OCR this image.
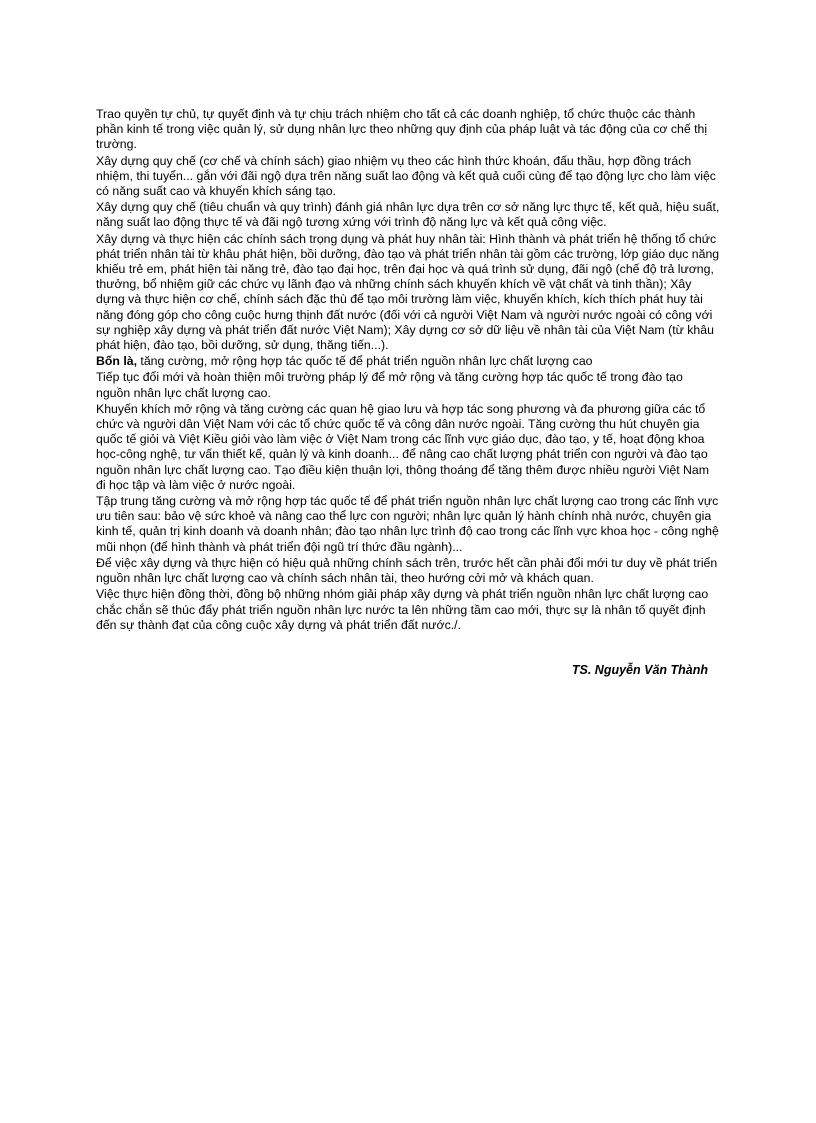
Trao quyền tự chủ, tự quyết định và tự chịu trách nhiệm cho tất cả các doanh nghiệp, tổ chức thuộc các thành phần kinh tế trong việc quản lý, sử dụng nhân lực theo những quy định của pháp luật và tác động của cơ chế thị trường.

Xây dựng quy chế (cơ chế và chính sách) giao nhiệm vụ theo các hình thức khoán, đấu thầu, hợp đồng trách nhiệm, thi tuyển... gắn với đãi ngộ dựa trên năng suất lao động và kết quả cuối cùng để tạo động lực cho làm việc có năng suất cao và khuyến khích sáng tạo.

Xây dựng quy chế (tiêu chuẩn và quy trình) đánh giá nhân lực dựa trên cơ sở năng lực thực tế, kết quả, hiệu suất, năng suất lao động thực tế và đãi ngộ tương xứng với trình độ năng lực và kết quả công việc.

Xây dựng và thực hiện các chính sách trọng dụng và phát huy nhân tài: Hình thành và phát triển hệ thống tổ chức phát triển nhân tài từ khâu phát hiện, bồi dưỡng, đào tạo và phát triển nhân tài gồm các trường, lớp giáo dục năng khiếu trẻ em, phát hiện tài năng trẻ, đào tạo đại học, trên đại học và quá trình sử dụng, đãi ngộ (chế độ trả lương, thưởng, bổ nhiệm giữ các chức vụ lãnh đạo và những chính sách khuyến khích về vật chất và tinh thần); Xây dựng và thực hiện cơ chế, chính sách đặc thù để tạo môi trường làm việc, khuyến khích, kích thích phát huy tài năng đóng góp cho công cuộc hưng thịnh đất nước (đối với cả người Việt Nam và người nước ngoài có công với sự nghiệp xây dựng và phát triển đất nước Việt Nam); Xây dựng cơ sở dữ liệu về nhân tài của Việt Nam (từ khâu phát hiện, đào tạo, bồi dưỡng, sử dụng, thăng tiến...).

Bốn là, tăng cường, mở rộng hợp tác quốc tế để phát triển nguồn nhân lực chất lượng cao

Tiếp tục đổi mới và hoàn thiện môi trường pháp lý để mở rộng và tăng cường hợp tác quốc tế trong đào tạo nguồn nhân lực chất lượng cao.

Khuyến khích mở rộng và tăng cường các quan hệ giao lưu và hợp tác song phương và đa phương giữa các tổ chức và người dân Việt Nam với các tổ chức quốc tế và công dân nước ngoài. Tăng cường thu hút chuyên gia quốc tế giỏi và Việt Kiều giỏi vào làm việc ở Việt Nam trong các lĩnh vực giáo dục, đào tạo, y tế, hoạt động khoa học-công nghệ, tư vấn thiết kế, quản lý và kinh doanh... để nâng cao chất lượng phát triển con người và đào tạo nguồn nhân lực chất lượng cao. Tạo điều kiện thuận lợi, thông thoáng để tăng thêm được nhiều người Việt Nam đi học tập và làm việc ở nước ngoài.

Tập trung tăng cường và mở rộng hợp tác quốc tế để phát triển nguồn nhân lực chất lượng cao trong các lĩnh vực ưu tiên sau: bảo vệ sức khoẻ và nâng cao thể lực con người; nhân lực quản lý hành chính nhà nước, chuyên gia kinh tế, quản trị kinh doanh và doanh nhân; đào tạo nhân lực trình độ cao trong các lĩnh vực khoa học - công nghệ mũi nhọn (để hình thành và phát triển đội ngũ trí thức đầu ngành)...

Để việc xây dựng và thực hiện có hiệu quả những chính sách trên, trước hết cần phải đổi mới tư duy về phát triển nguồn nhân lực chất lượng cao và chính sách nhân tài, theo hướng cởi mở và khách quan.

Việc thực hiện đồng thời, đồng bộ những nhóm giải pháp xây dựng và phát triển nguồn nhân lực chất lượng cao chắc chắn sẽ thúc đẩy phát triển nguồn nhân lực nước ta lên những tầm cao mới, thực sự là nhân tố quyết định đến sự thành đạt của công cuộc xây dựng và phát triển đất nước./.

TS. Nguyễn Văn Thành
